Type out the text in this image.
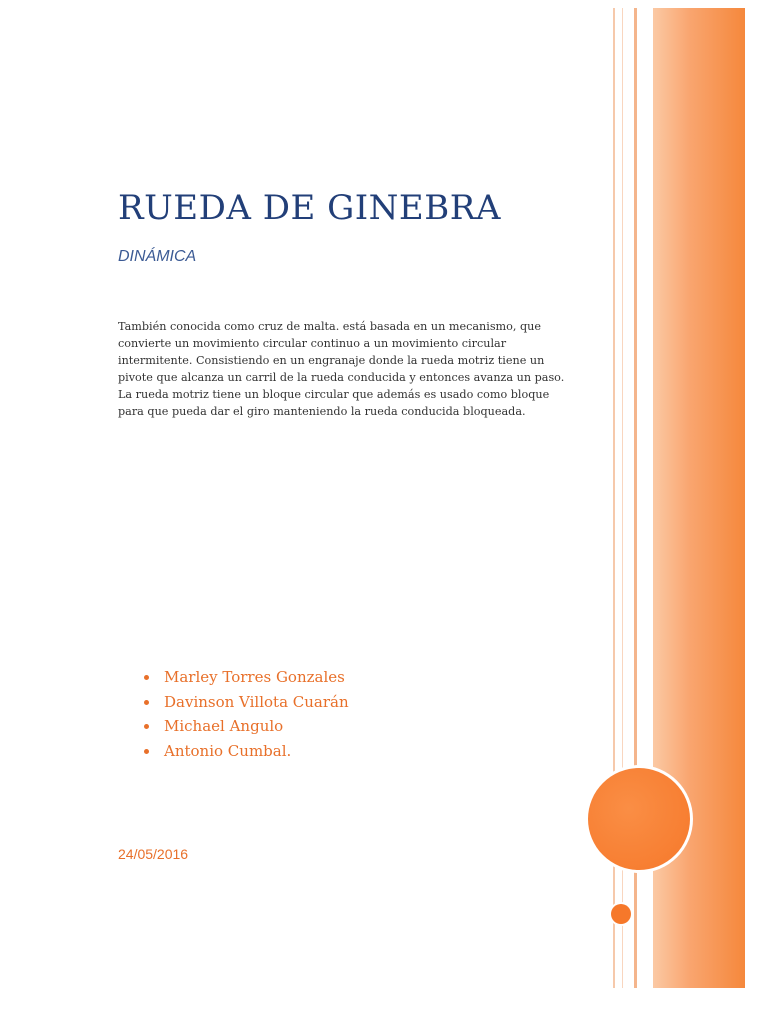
RUEDA DE GINEBRA

DINÁMICA

También conocida como cruz de malta. está basada en un mecanismo, que convierte un movimiento circular continuo a un movimiento circular intermitente. Consistiendo en un engranaje donde la rueda motriz tiene un pivote que alcanza un carril de la rueda conducida y entonces avanza un paso. La rueda motriz tiene un bloque circular que además es usado como bloque para que pueda dar el giro manteniendo la rueda conducida bloqueada.

Marley Torres Gonzales
Davinson Villota Cuarán
Michael Angulo
Antonio Cumbal.

24/05/2016
